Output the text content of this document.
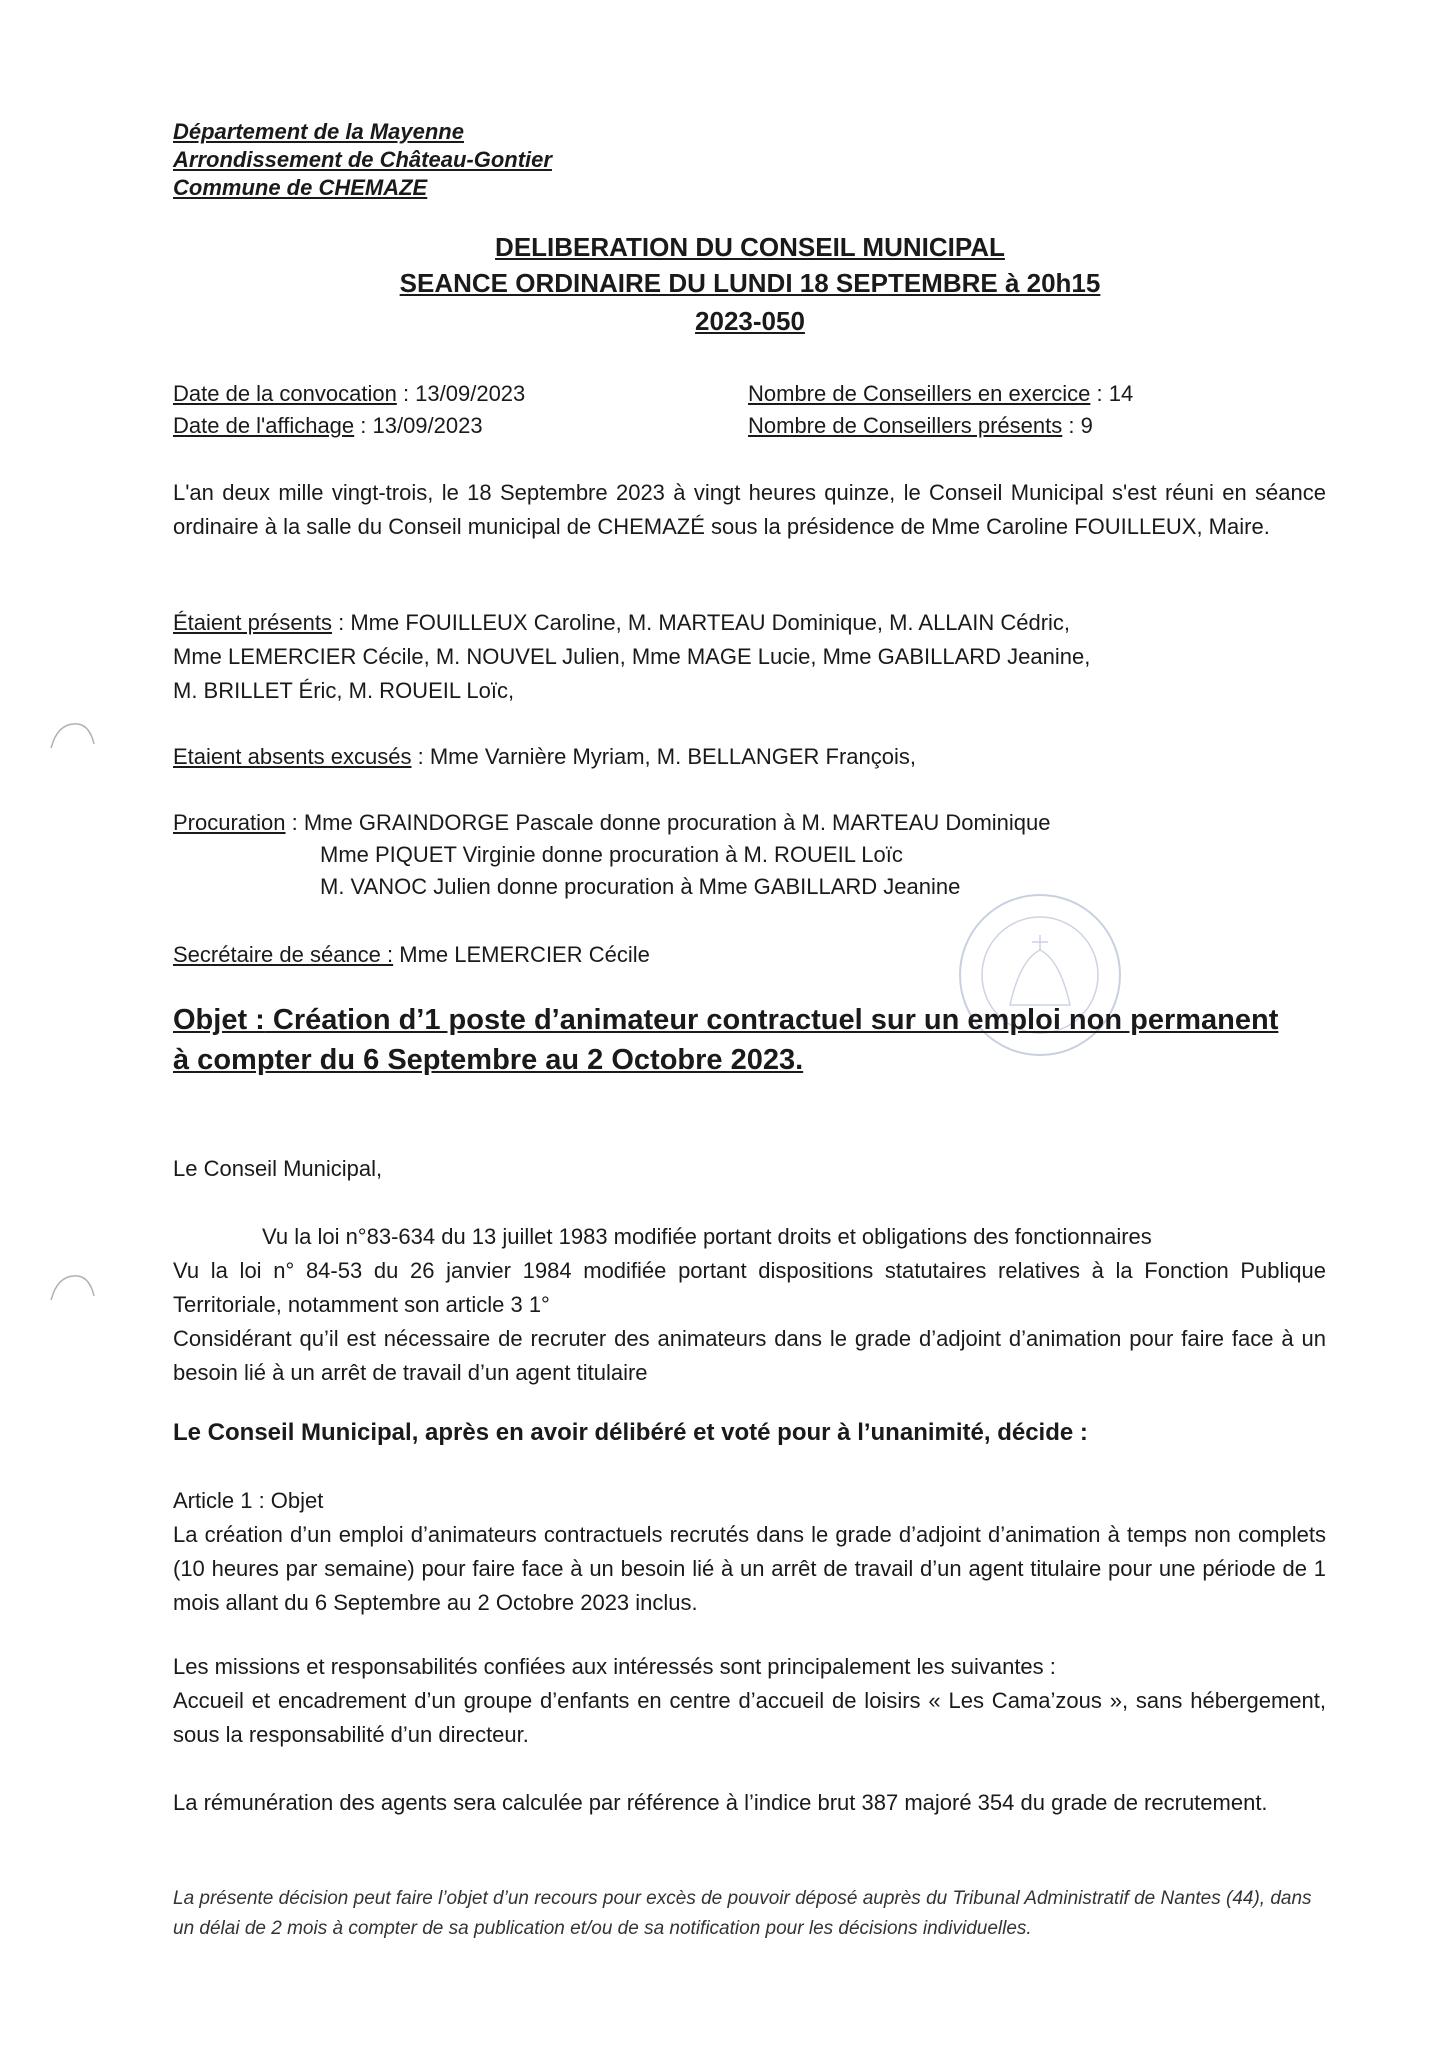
Département de la Mayenne
Arrondissement de Château-Gontier
Commune de CHEMAZE
DELIBERATION DU CONSEIL MUNICIPAL
SEANCE ORDINAIRE DU LUNDI 18 SEPTEMBRE à 20h15
2023-050
Date de la convocation : 13/09/2023
Date de l'affichage : 13/09/2023
Nombre de Conseillers en exercice : 14
Nombre de Conseillers présents : 9
L'an deux mille vingt-trois, le 18 Septembre 2023 à vingt heures quinze, le Conseil Municipal s'est réuni en séance ordinaire à la salle du Conseil municipal de CHEMAZÉ sous la présidence de Mme Caroline FOUILLEUX, Maire.
Étaient présents : Mme FOUILLEUX Caroline, M. MARTEAU Dominique, M. ALLAIN Cédric,
Mme LEMERCIER Cécile, M. NOUVEL Julien, Mme MAGE Lucie, Mme GABILLARD Jeanine,
M. BRILLET Éric, M. ROUEIL Loïc,
Etaient absents excusés : Mme Varnière Myriam, M. BELLANGER François,
Procuration : Mme GRAINDORGE Pascale donne procuration à M. MARTEAU Dominique
Mme PIQUET Virginie donne procuration à M. ROUEIL Loïc
M. VANOC Julien donne procuration à Mme GABILLARD Jeanine
Secrétaire de séance : Mme LEMERCIER Cécile
Objet : Création d’1 poste d’animateur contractuel sur un emploi non permanent
à compter du 6 Septembre au 2 Octobre 2023.
Le Conseil Municipal,
Vu la loi n°83-634 du 13 juillet 1983 modifiée portant droits et obligations des fonctionnaires
Vu la loi n° 84-53 du 26 janvier 1984 modifiée portant dispositions statutaires relatives à la Fonction Publique Territoriale, notamment son article 3 1°
Considérant qu’il est nécessaire de recruter des animateurs dans le grade d’adjoint d’animation pour faire face à un besoin lié à un arrêt de travail d’un agent titulaire
Le Conseil Municipal, après en avoir délibéré et voté pour à l’unanimité, décide :
Article 1 : Objet
La création d’un emploi d’animateurs contractuels recrutés dans le grade d’adjoint d’animation à temps non complets (10 heures par semaine) pour faire face à un besoin lié à un arrêt de travail d’un agent titulaire pour une période de 1 mois allant du 6 Septembre au 2 Octobre 2023 inclus.
Les missions et responsabilités confiées aux intéressés sont principalement les suivantes :
Accueil et encadrement d’un groupe d’enfants en centre d’accueil de loisirs « Les Cama’zous », sans hébergement, sous la responsabilité d’un directeur.
La rémunération des agents sera calculée par référence à l’indice brut 387 majoré 354 du grade de recrutement.
La présente décision peut faire l’objet d’un recours pour excès de pouvoir déposé auprès du Tribunal Administratif de Nantes (44), dans un délai de 2 mois à compter de sa publication et/ou de sa notification pour les décisions individuelles.
